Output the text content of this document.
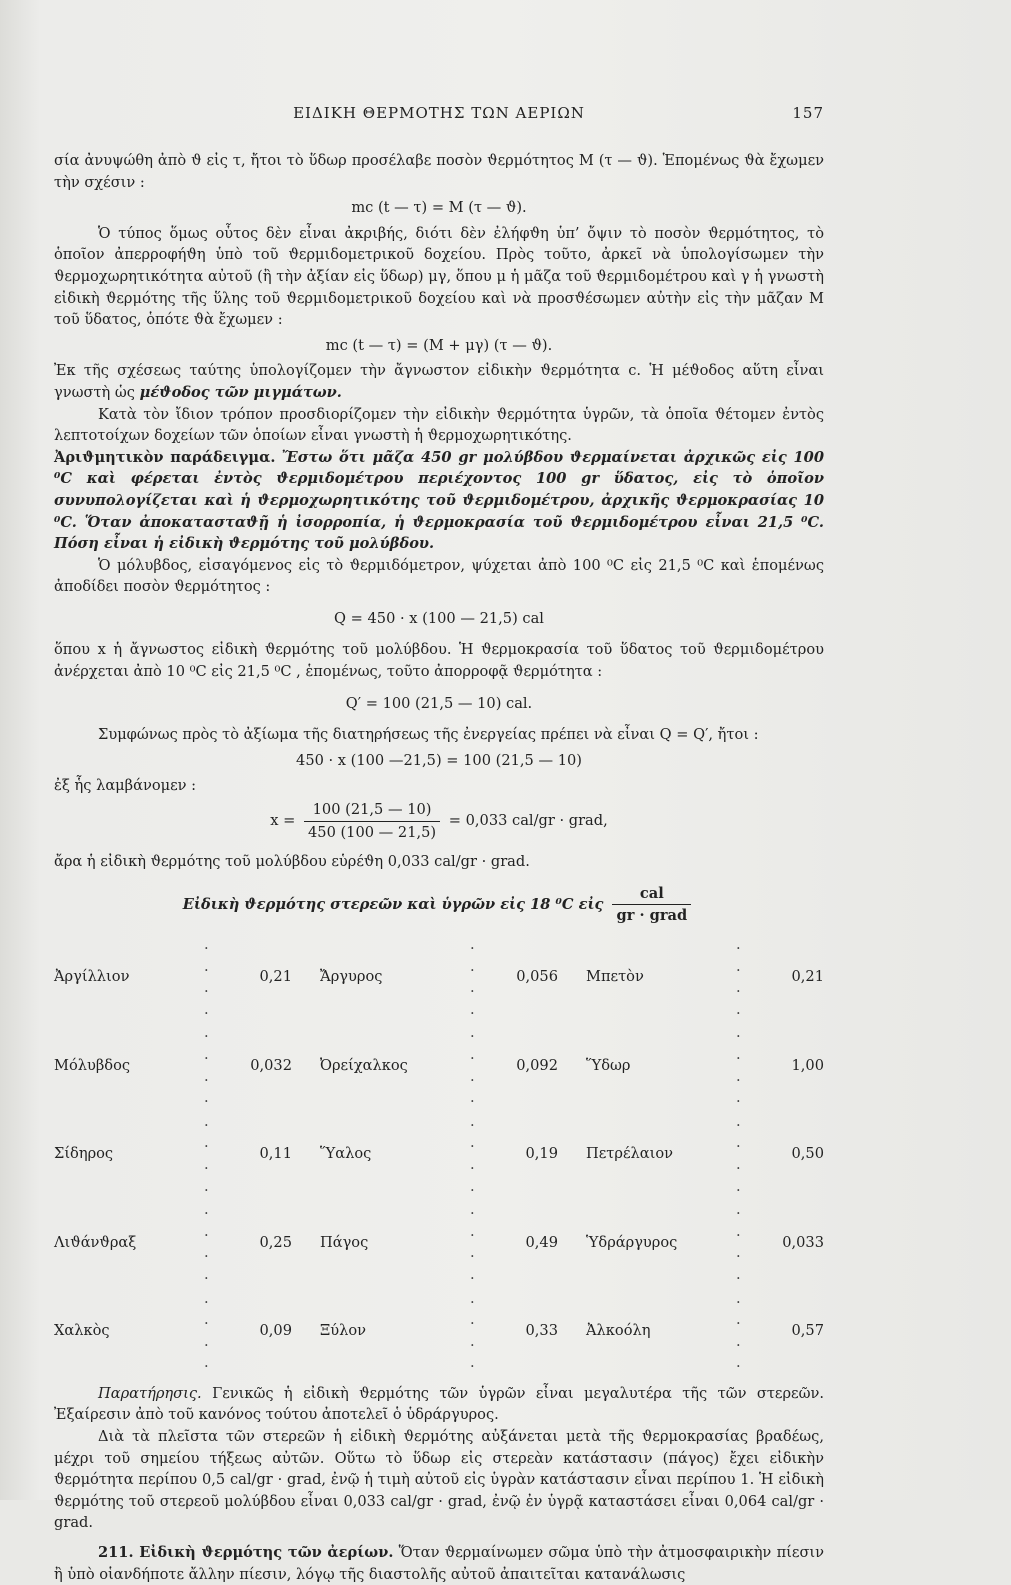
ΕΙΔΙΚΗ ΘΕΡΜΟΤΗΣ ΤΩΝ ΑΕΡΙΩΝ	157

σία ἀνυψώθη ἀπὸ ϑ εἰς τ, ἤτοι τὸ ὕδωρ προσέλαβε ποσὸν ϑερμότητος Μ (τ — ϑ). Ἑπομένως ϑὰ ἔχωμεν τὴν σχέσιν :

mc (t — τ) = M (τ — ϑ).

Ὁ τύπος ὅμως οὗτος δὲν εἶναι ἀκριβής, διότι δὲν ἐλήφϑη ὑπ’ ὄψιν τὸ ποσὸν ϑερμότητος, τὸ ὁποῖον ἀπερροφήϑη ὑπὸ τοῦ ϑερμιδομετρικοῦ δοχείου. Πρὸς τοῦτο, ἀρκεῖ νὰ ὑπολογίσωμεν τὴν ϑερμοχωρητικότητα αὐτοῦ (ἢ τὴν ἀξίαν εἰς ὕδωρ) μγ, ὅπου μ ἡ μᾶζα τοῦ ϑερμιδομέτρου καὶ γ ἡ γνωστὴ εἰδικὴ ϑερμότης τῆς ὕλης τοῦ ϑερμιδομετρικοῦ δοχείου καὶ νὰ προσϑέσωμεν αὐτὴν εἰς τὴν μᾶζαν Μ τοῦ ὕδατος, ὁπότε ϑὰ ἔχωμεν :

mc (t — τ) = (M + μγ) (τ — ϑ).

Ἐκ τῆς σχέσεως ταύτης ὑπολογίζομεν τὴν ἄγνωστον εἰδικὴν ϑερμότητα c. Ἡ μέϑοδος αὕτη εἶναι γνωστὴ ὡς μέϑοδος τῶν μιγμάτων.

Κατὰ τὸν ἴδιον τρόπον προσδιορίζομεν τὴν εἰδικὴν ϑερμότητα ὑγρῶν, τὰ ὁποῖα ϑέτομεν ἐντὸς λεπτοτοίχων δοχείων τῶν ὁποίων εἶναι γνωστὴ ἡ ϑερμοχωρητικότης.

Ἀριϑμητικὸν παράδειγμα. Ἔστω ὅτι μᾶζα 450 gr μολύβδου ϑερμαίνεται ἀρχικῶς εἰς 100 ⁰C καὶ φέρεται ἐντὸς ϑερμιδομέτρου περιέχοντος 100 gr ὕδατος, εἰς τὸ ὁποῖον συνυπολογίζεται καὶ ἡ ϑερμοχωρητικότης τοῦ ϑερμιδομέτρου, ἀρχικῆς ϑερμοκρασίας 10 ⁰C. Ὅταν ἀποκατασταϑῇ ἡ ἰσορροπία, ἡ ϑερμοκρασία τοῦ ϑερμιδομέτρου εἶναι 21,5 ⁰C. Πόση εἶναι ἡ εἰδικὴ ϑερμότης τοῦ μολύβδου.

Ὁ μόλυβδος, εἰσαγόμενος εἰς τὸ ϑερμιδόμετρον, ψύχεται ἀπὸ 100 ⁰C εἰς 21,5 ⁰C καὶ ἑπομένως ἀποδίδει ποσὸν ϑερμότητος :

Q = 450 · x (100 — 21,5) cal

ὅπου x ἡ ἄγνωστος εἰδικὴ ϑερμότης τοῦ μολύβδου. Ἡ ϑερμοκρασία τοῦ ὕδατος τοῦ ϑερμιδομέτρου ἀνέρχεται ἀπὸ 10 ⁰C εἰς 21,5 ⁰C , ἑπομένως, τοῦτο ἀπορροφᾷ ϑερμότητα :

Q′ = 100 (21,5 — 10) cal.

Συμφώνως πρὸς τὸ ἀξίωμα τῆς διατηρήσεως τῆς ἐνεργείας πρέπει νὰ εἶναι Q = Q′, ἤτοι :

450 · x (100 —21,5) = 100 (21,5 — 10)

ἐξ ἧς λαμβάνομεν :

$x = \frac{100 (21,5 — 10)}{450 (100 — 21,5)} = 0,033$ cal/gr · grad,

ἄρα ἡ εἰδικὴ ϑερμότης τοῦ μολύβδου εὑρέϑη 0,033 cal/gr · grad.

Εἰδικὴ ϑερμότης στερεῶν καὶ ὑγρῶν εἰς 18 ⁰C εἰς $\frac{\text{cal}}{\text{gr · grad}}$

Ἀργίλλιον	. . . .	0,21	Ἄργυρος	. . . .	0,056	Μπετὸν	. . . .	0,21
Μόλυβδος	. . . .	0,032	Ὀρείχαλκος	. . . .	0,092	Ὕδωρ	. . . .	1,00
Σίδηρος	. . . .	0,11	Ὕαλος	. . . .	0,19	Πετρέλαιον	. . . .	0,50
Λιϑάνϑραξ	. . . .	0,25	Πάγος	. . . .	0,49	Ὑδράργυρος	. . . .	0,033
Χαλκὸς	. . . .	0,09	Ξύλον	. . . .	0,33	Ἀλκοόλη	. . . .	0,57

Παρατήρησις. Γενικῶς ἡ εἰδικὴ ϑερμότης τῶν ὑγρῶν εἶναι μεγαλυτέρα τῆς τῶν στερεῶν. Ἐξαίρεσιν ἀπὸ τοῦ κανόνος τούτου ἀποτελεῖ ὁ ὑδράργυρος.

Διὰ τὰ πλεῖστα τῶν στερεῶν ἡ εἰδικὴ ϑερμότης αὐξάνεται μετὰ τῆς ϑερμοκρασίας βραδέως, μέχρι τοῦ σημείου τήξεως αὐτῶν. Οὕτω τὸ ὕδωρ εἰς στερεὰν κατάστασιν (πάγος) ἔχει εἰδικὴν ϑερμότητα περίπου 0,5 cal/gr · grad, ἐνῷ ἡ τιμὴ αὐτοῦ εἰς ὑγρὰν κατάστασιν εἶναι περίπου 1. Ἡ εἰδικὴ ϑερμότης τοῦ στερεοῦ μολύβδου εἶναι 0,033 cal/gr · grad, ἐνῷ ἐν ὑγρᾷ καταστάσει εἶναι 0,064 cal/gr · grad.

211. Εἰδικὴ ϑερμότης τῶν ἀερίων. Ὅταν ϑερμαίνωμεν σῶμα ὑπὸ τὴν ἀτμοσφαιρικὴν πίεσιν ἢ ὑπὸ οἱανδήποτε ἄλλην πίεσιν, λόγῳ τῆς διαστολῆς αὐτοῦ ἀπαιτεῖται κατανάλωσις
